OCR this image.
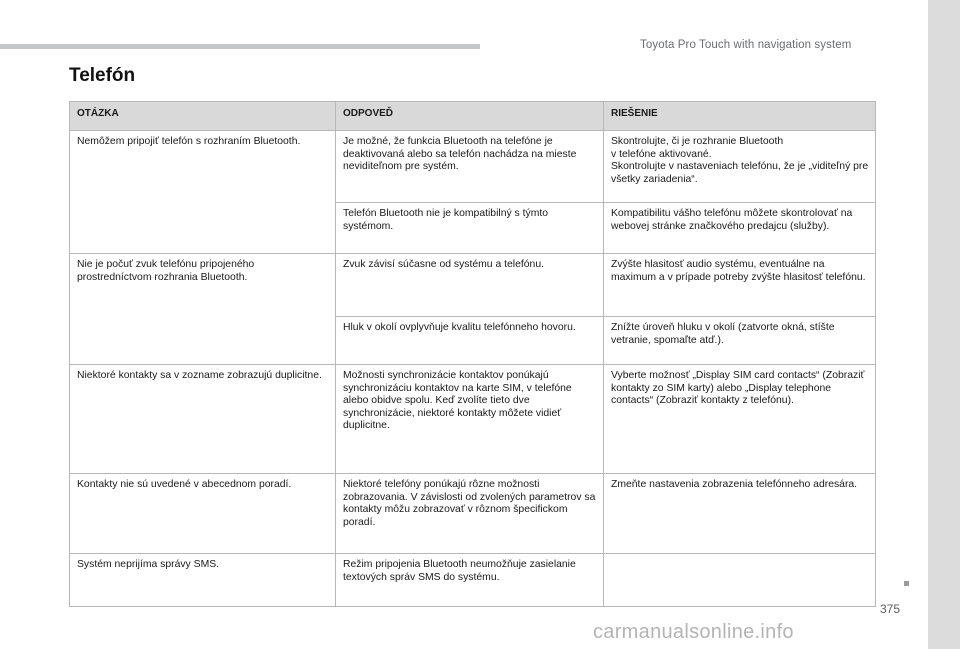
Toyota Pro Touch with navigation system
Telefón
OTÁZKA	ODPOVEĎ	RIEŠENIE
Nemôžem pripojiť telefón s rozhraním Bluetooth.	Je možné, že funkcia Bluetooth na telefóne je deaktivovaná alebo sa telefón nachádza na mieste neviditeľnom pre systém.	Skontrolujte, či je rozhranie Bluetooth
v telefóne aktivované.
Skontrolujte v nastaveniach telefónu, že je „viditeľný pre všetky zariadenia“.
	Telefón Bluetooth nie je kompatibilný s týmto systémom.	Kompatibilitu vášho telefónu môžete skontrolovať na webovej stránke značkového predajcu (služby).
Nie je počuť zvuk telefónu pripojeného prostredníctvom rozhrania Bluetooth.	Zvuk závisí súčasne od systému a telefónu.	Zvýšte hlasitosť audio systému, eventuálne na maximum a v prípade potreby zvýšte hlasitosť telefónu.
	Hluk v okolí ovplyvňuje kvalitu telefónneho hovoru.	Znížte úroveň hluku v okolí (zatvorte okná, stíšte vetranie, spomaľte atď.).
Niektoré kontakty sa v zozname zobrazujú duplicitne.	Možnosti synchronizácie kontaktov ponúkajú synchronizáciu kontaktov na karte SIM, v telefóne alebo obidve spolu. Keď zvolíte tieto dve synchronizácie, niektoré kontakty môžete vidieť duplicitne.	Vyberte možnosť „Display SIM card contacts“ (Zobraziť kontakty zo SIM karty) alebo „Display telephone contacts“ (Zobraziť kontakty z telefónu).
Kontakty nie sú uvedené v abecednom poradí.	Niektoré telefóny ponúkajú rôzne možnosti zobrazovania. V závislosti od zvolených parametrov sa kontakty môžu zobrazovať v rôznom špecifickom poradí.	Zmeňte nastavenia zobrazenia telefónneho adresára.
Systém neprijíma správy SMS.	Režim pripojenia Bluetooth neumožňuje zasielanie textových správ SMS do systému.	
375
carmanualsonline.info
